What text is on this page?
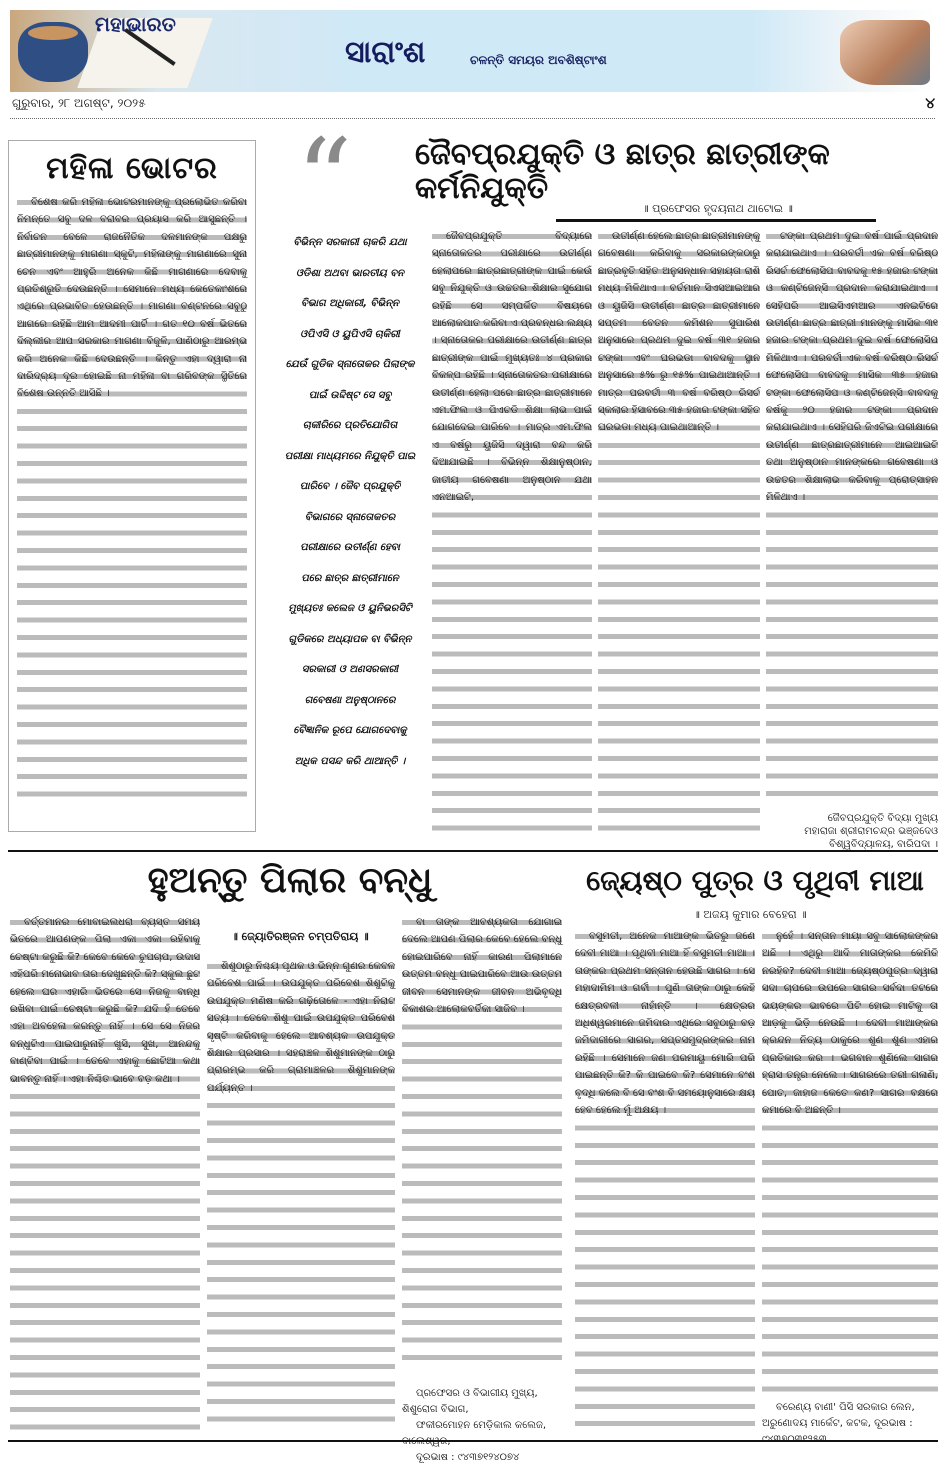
ମହାଭାରତ
ସାରାଂଶ	ଚଳନ୍ତି ସମୟର ଅବଶିଷ୍ଟାଂଶ
ଗୁରୁବାର, ୨୮ ଅଗଷ୍ଟ, ୨୦୨୫	୪
ମହିଳା ଭୋଟର
ବିଶେଷ କରି ମହିଳା ଭୋଟରମାନଙ୍କୁ ପ୍ରଲୋଭିତ କରିବା ନିମନ୍ତେ ସବୁ ଦଳ ବରାବର ପ୍ରୟାସ କରି ଆସୁଛନ୍ତି । ନିର୍ବାଚନ ବେଳେ ରାଜନୈତିକ ଦଳମାନଙ୍କ ପକ୍ଷରୁ ଛାତ୍ରୀମାନଙ୍କୁ ମାଗଣା ସ୍କୁଟି, ମହିଳାଙ୍କୁ ମାଗଣାରେ ସୁନା ଚେନ ଏବଂ ଆହୁରି ଅନେକ କିଛି ମାଗଣାରେ ଦେବାକୁ ପ୍ରତିଶ୍ରୁତି ଦେଉଛନ୍ତି । ସେମାନେ ମଧ୍ୟ କେତେକାଂଶରେ ଏଥିରେ ପ୍ରଭାବିତ ହେଉଛନ୍ତି । ମାଗଣା ବଣ୍ଟନରେ ସବୁଠୁ ଆଗରେ ରହିଛି ଆମ ଆଦମୀ ପାର୍ଟି । ଗତ ୧୦ ବର୍ଷ ଭିତରେ ଦିଲ୍ଲୀର ଆପ ସରକାର ମାଗଣା ବିଜୁଳି, ପାଣିଠାରୁ ଆରମ୍ଭ କରି ଅନେକ କିଛି ଦେଉଛନ୍ତି । କିନ୍ତୁ ଏହା ଦ୍ୱାରା ନା ଦାରିଦ୍ର୍ୟ ଦୂର ହୋଇଛି ନା ମହିଳା ବା ଗରିବଙ୍କ ସ୍ଥିତିରେ ବିଶେଷ ଉନ୍ନତି ଆସିଛି ।
“ ଜୈବପ୍ରଯୁକ୍ତି ଓ ଛାତ୍ର ଛାତ୍ରୀଙ୍କ କର୍ମନିଯୁକ୍ତି
॥ ପ୍ରଫେସର ହୃଦୟନାଥ ଥାଟୋଇ ॥
ବିଭିନ୍ନ ସରକାରୀ ଚାକରି ଯଥା
ଓଡିଶା ଅଥବା ଭାରତୀୟ ବନ
ବିଭାଗ ଅଧିକାରୀ, ବିଭିନ୍ନ
ଓପିଏସି ଓ ୟୁପିଏସି ଚାକିରୀ
ଯେଉଁ ଗୁଡିକ ସ୍ନାତୋକର ପିଲାଙ୍କ
ପାଇଁ ଉଦ୍ଦିଷ୍ଟ ସେ ସବୁ
ଚାକୀରିରେ ପ୍ରତିଯୋଗିତା
ପରୀକ୍ଷା ମାଧ୍ୟମରେ ନିଯୁକ୍ତି ପାଇ
ପାରିବେ । ଜୈବ ପ୍ରଯୁକ୍ତି
ବିଭାଗରେ ସ୍ନାତୋକତର
ପରୀକ୍ଷାରେ ଉତୀର୍ଣ୍ଣ ହେବା
ପରେ ଛାତ୍ର ଛାତ୍ରୀମାନେ
ମୁଖ୍ୟତଃ କଲେଜ ଓ ୟୁନିଭରସିଟି
ଗୁଡିକରେ ଅଧ୍ୟାପକ ବା ବିଭିନ୍ନ
ସରକାରୀ ଓ ଅଣସରକାରୀ
ଗବେଷଣା ଅନୁଷ୍ଠାନରେ
ବୈଜ୍ଞାନିକ ରୂପେ ଯୋଗଦେବାକୁ
ଅଧିକ ପସନ୍ଦ କରି ଥାଆନ୍ତି ।
ଜୈବପ୍ରଯୁକ୍ତି ବିଦ୍ୟାରେ ସ୍ନାତୋକତର ପରୀକ୍ଷାରେ ଉତୀର୍ଣ୍ଣ ହେଲାପରେ ଛାତ୍ରଛାତ୍ରୀଙ୍କ ପାଇଁ କେଉଁ ସବୁ ନିଯୁକ୍ତି ଓ ଉଚ୍ଚତର ଶିକ୍ଷାର ସୁଯୋଗ ରହିଛି ସେ ସମ୍ପର୍କିତ ବିଷୟରେ ଆଲୋକପାତ କରିବା ଏ ପ୍ରବନ୍ଧର ଲକ୍ଷ୍ୟ । ସ୍ନାତୋକର ପରୀକ୍ଷାରେ ଉତୀର୍ଣ୍ଣ ଛାତ୍ର ଛାତ୍ରୀଙ୍କ ପାଇଁ ମୁଖ୍ୟତଃ ୪ ପ୍ରକାର ବିକଳ୍ପ ରହିଛି । ସ୍ନାତୋକତର ପରୀକ୍ଷାରେ ଉତୀର୍ଣ୍ଣ ହେଲା ପରେ ଛାତ୍ର ଛାତ୍ରୀମାନେ ଏମ.ଫିଲ ଓ ପିଏଚଡି ଶିକ୍ଷା ଲାଭ ପାଇଁ ଯୋଗଦେଇ ପାରିବେ । ମାତ୍ର ଏମ.ଫିଲ ଏ ବର୍ଷରୁ ୟୁଜିସି ଦ୍ୱାରା ବନ୍ଦ କରି ଦିଆଯାଇଛି । ବିଭିନ୍ନ ଶିକ୍ଷାନୁଷ୍ଠାନ, ଜାତୀୟ ଗବେଷଣା ଅନୁଷ୍ଠାନ ଯଥା ଏନଆଇଟି,
ଉତୀର୍ଣ୍ଣ ହେଲେ ଛାତ୍ର ଛାତ୍ରୀମାନଙ୍କୁ ଗବେଷଣା କରିବାକୁ ସରକାରଙ୍କଠାରୁ ଛାତ୍ରବୃତି ସହିତ ଅନୁସନ୍ଧାନ ସହାୟତା ରାଶି ମଧ୍ୟ ମିଳିଥାଏ । ବର୍ତମାନ ସିଏସଆଇଆର ଓ ୟୁଜିସି ଉତୀର୍ଣ୍ଣ ଛାତ୍ର ଛାତ୍ରୀମାନେ ସପ୍ତମ ବେତନ କମିଶନ ସୁପାରିଶ ଅନୁସାରେ ପ୍ରଥମ ଦୁଇ ବର୍ଷ ୩୧ ହଜାର ଟଙ୍କା ଏବଂ ଘରଭଡା ବାବଦକୁ ସ୍ଥାନ ଅନୁସାରେ ୫% ରୁ ୧୫% ପାଇଥାଆନ୍ତି । ମାତ୍ର ପରବର୍ତୀ ୩ ବର୍ଷ ବରିଷ୍ଠ ରିସର୍ଚ ସ୍କଲାର ହିସାବରେ ୩୫ ହଜାର ଟଙ୍କା ସହିତ ଘରଭଡା ମଧ୍ୟ ପାଇଥାଆନ୍ତି ।
ଟଙ୍କା ପ୍ରଥମ ଦୁଇ ବର୍ଷ ପାଇଁ ପ୍ରଦାନ କରାଯାଇଥାଏ । ପରବର୍ତୀ ଏକ ବର୍ଷ ବରିଷ୍ଠ ରିସର୍ଚ ଫେଲୋସିପ ବାବଦକୁ ୧୫ ହଜାର ଟଙ୍କା ଓ କଣ୍ଟିଜେନ୍ସି ପ୍ରଦାନ କରାଯାଇଥାଏ । ସେହିପରି ଆଇସିଏମଆର ଏନଇଟିରେ ଉତୀର୍ଣ୍ଣ ଛାତ୍ର ଛାତ୍ରୀ ମାନଙ୍କୁ ମାସିକ ୩୧ ହଜାର ଟଙ୍କା ପ୍ରଥମ ଦୁଇ ବର୍ଷ ଫେଲୋସିପ ମିଳିଥାଏ । ପରବର୍ତୀ ଏକ ବର୍ଷ ବରିଷ୍ଠ ରିସର୍ଚ ଫେଲୋସିପ ବାବଦକୁ ମାସିକ ୩୫ ହଜାର ଟଙ୍କା ଫେଲୋସିପ ଓ କଣ୍ଟିଜେନ୍ସି ବାବଦକୁ ବର୍ଷକୁ ୨୦ ହଜାର ଟଙ୍କା ପ୍ରଦାନ କରାଯାଇଥାଏ । ସେହିପରି ଜିଏଟିଇ ପରୀକ୍ଷାରେ ଉତୀର୍ଣ୍ଣ ଛାତ୍ରଛାତ୍ରୀମାନେ ଆଇଆଇଟି ତଥା ଅନୁଷ୍ଠାନ ମାନଙ୍କରେ ଗବେଷଣା ଓ ଉଚ୍ଚତର ଶିକ୍ଷାଲାଭ କରିବାକୁ ପ୍ରୋତ୍ସାହନ ମିଳିଥାଏ ।
ଜୈବପ୍ରଯୁକ୍ତି ବିଦ୍ୟା ମୁଖ୍ୟ
ମହାରାଜା ଶ୍ରୀରାମଚନ୍ଦ୍ର ଭଞ୍ଜଦେଓ
ବିଶ୍ୱବିଦ୍ୟାଳୟ, ବାରିପଦା ।
ହୁଅନ୍ତୁ ପିଲାର ବନ୍ଧୁ	ଜ୍ୟେଷ୍ଠ ପୁତ୍ର ଓ ପୃଥିବୀ ମାଆ
ବର୍ତ୍ତମାନର ମୋବାଇଲଧରା ବ୍ୟସ୍ତ ସମୟ ଭିତରେ ଆପଣଙ୍କ ପିଲା ଏକା ଏକା ରହିବାକୁ ଚେଷ୍ଟା କରୁଛି କି? କେବେ କେବେ ଚୁପଚାପ, ଉଦାସ ଏହିପରି ମନୋଭାବ ତାର ଦେଖୁଛନ୍ତି କି? ସ୍କୁଲ ଛୁଟ ହେଲେ ଘର ଏହାରି ଭିତରେ ସେ ନିଜକୁ ବାନ୍ଧି ରଖିବା ପାଇଁ ଚେଷ୍ଟା କରୁଛି କି? ଯଦି ହଁ ତେବେ ଏହା ଅବହେଳା କରନ୍ତୁ ନାହିଁ । ସେ ସେ ନିଜର ବନ୍ଧୁଟିଏ ପାଇପାରୁନାହିଁ ଖୁସି, ସୁଖ, ଆନନ୍ଦକୁ ବାଣ୍ଟିବା ପାଇଁ । ତେବେ ଏହାକୁ ଛୋଟିଆ କଥା ଭାବନ୍ତୁ ନାହିଁ । ଏହା ନିଶ୍ଚିତ ଭାବେ ବଡ଼ କଥା ।
॥ ଜ୍ୟୋତିରଞ୍ଜନ ଚମ୍ପତିରାୟ ॥
ଶିଶୁଠାରୁ ନିଶ୍ଚୟ ପୃଥକ ଓ ଭିନ୍ନ ଗୁଣର କେବଳ ପରିବେଶ ପାଇଁ । ଉପଯୁକ୍ତ ପରିବେଶ ଶିଶୁଟିକୁ ଉପଯୁକ୍ତ ମଣିଷ କରି ଗଢ଼ିତୋଳେ - ଏହା ନିରାଟ ସତ୍ୟ । ତେବେ ଶିଶୁ ପାଇଁ ଉପଯୁକ୍ତ ପରିବେଶ ସୃଷ୍ଟି କରିବାକୁ ହେଲେ ଆବଶ୍ୟକ ଉପଯୁକ୍ତ ଶିକ୍ଷାର ପ୍ରସାର । ସହରାଞ୍ଚଳ ଶିଶୁମାନଙ୍କ ଠାରୁ ପ୍ରାରମ୍ଭ କରି ଗ୍ରାମାଞ୍ଚଳର ଶିଶୁମାନଙ୍କ ପର୍ଯ୍ୟନ୍ତ ।
ବା ତାଙ୍କ ଆବଶ୍ୟକତା ଯୋଗାଇ ଦେଲେ ଆପଣ ପିଲାର କେବେ ହେଲେ ବନ୍ଧୁ ହୋଇପାରିବେ ନାହିଁ କାରଣ ପିଲାମାନେ ଉତ୍ତମ ବନ୍ଧୁ ପାଇପାରିବେ ଆଉ ଉତ୍ତମ ଜୀବନ ସେମାନଙ୍କ ଜୀବନ ଅଭିବୃଦ୍ଧି ବିକାଶର ଆଲୋକବର୍ତିକା ସାଜିବ ।
ପ୍ରଫେସର ଓ ବିଭାଗୀୟ ମୁଖ୍ୟ, ଶିଶୁରୋଗ ବିଭାଗ,
ଫକୀରମୋହନ ମେଡ଼ିକାଲ କଲେଜ, ବାଲେଶ୍ୱର,
ଦୂରଭାଷ : ୯୪୩୭୧୨୪୦୭୪
॥ ଅଜୟ କୁମାର ବେହେରା ॥
ବସୁମତୀ, ଅନେକ ମାଆଙ୍କ ଭିତରୁ ଜଣେ ଦେବୀ ମାଆ । ପୃଥିବୀ ମାଆ ହିଁ ବସୁମତୀ ମାଆ । ତାଙ୍କର ପ୍ରଥମ ସନ୍ତାନ ହେଉଛି ସାଗର । ସେ ମହାଦାମିମ ଓ ଗର୍ବୀ । ପୁଣି ତାଙ୍କ ଠାରୁ କେହି କ୍ଷେତ୍ରବଳୀ ନାହାଁନ୍ତି । କ୍ଷେତ୍ରର ଅଧିଶ୍ୱରମାନେ ଜମିଦାର ଏଥିରେ ସବୁଠାରୁ ବଡ଼ ଜମିଦାରୀରେ ସାଗର, ସପ୍ତସମୁଦ୍ରଙ୍କର ନାମ ରହିଛି । ସେମାନେ ଜଣ ପରମାୟୁ ମୋରି ପରି ପାଇଛନ୍ତି କି? କି ପାଇବେ କି? ସେମାନେ ବଂଶ ବୃଦ୍ଧି କଲେ ବି ସେ ବଂଶ ବି ସମୟୋନୁସାରେ କ୍ଷୟ ହେବ ହେଲେ ମୁଁ ଅକ୍ଷୟ ।
ନୁହେଁ । ସନ୍ତାନ ମାୟା ସବୁ ସାଲୋକଙ୍କର ଅଛି । ଏଥିରୁ ଆଦି ମାତାଙ୍କର କେମିତି ନରହିବ? ଦେବୀ ମାଆ ଜ୍ୟେଷ୍ଠପୁତ୍ର ଦ୍ୱାରା ସଦା ଚାପରେ ଉପରେ ସାଗର ସର୍ବଦା ତଟରେ ଭୟଙ୍କର ଭାବରେ ପିଟି ହୋଇ ମାଟିକୁ ତା ଆଡ଼କୁ ଭିଡ଼ି ନେଉଛି । ଦେବୀ ମାଆଙ୍କର କ୍ରନ୍ଦନ ନିତ୍ୟ ଠାକୁରେ ଶୁଣ ଶୁଣ ଏହାର ପ୍ରତିକାର କର । ଭଗବାନ ଶୁଣିଲେ ସାଗର ହ୍ରାସ ତନ୍ତ୍ର ନେଲେ । ସାଗରରେ ତରୀ ଗଳାଣି, ପୋତ, ଜାହାଜ କେତେ କଣ? ସାଗର ବକ୍ଷରେ କମାରେ ବି ଅଛନ୍ତି ।
ବରେଣ୍ୟ ବାଣୀ' ପିସି ସରକାର ଲେନ, ଅରୁଣୋଦୟ ମାର୍କେଟ, କଟକ, ଦୂରଭାଷ : ୯୪୩୭୦୩୧୨୫୩
